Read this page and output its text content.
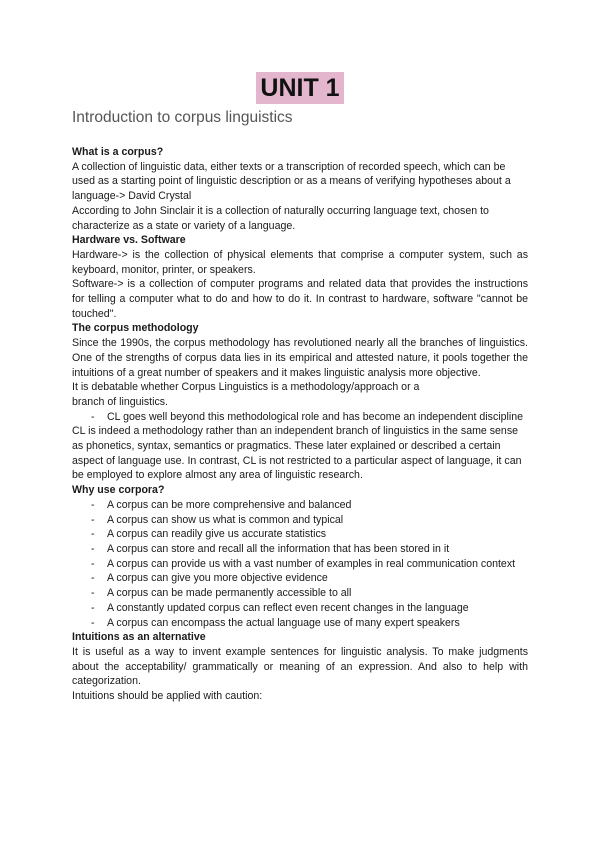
UNIT 1
Introduction to corpus linguistics

What is a corpus?

A collection of linguistic data, either texts or a transcription of recorded speech, which can be used as a starting point of linguistic description or as a means of verifying hypotheses about a language-> David Crystal

According to John Sinclair it is a collection of naturally occurring language text, chosen to characterize as a state or variety of a language.

Hardware vs. Software

Hardware-> is the collection of physical elements that comprise a computer system, such as keyboard, monitor, printer, or speakers.

Software-> is a collection of computer programs and related data that provides the instructions for telling a computer what to do and how to do it. In contrast to hardware, software "cannot be touched".

The corpus methodology

Since the 1990s, the corpus methodology has revolutioned nearly all the branches of linguistics. One of the strengths of corpus data lies in its empirical and attested nature, it pools together the intuitions of a great number of speakers and it makes linguistic analysis more objective.

It is debatable whether Corpus Linguistics is a methodology/approach or a

branch of linguistics.

- CL goes well beyond this methodological role and has become an independent discipline

CL is indeed a methodology rather than an independent branch of linguistics in the same sense as phonetics, syntax, semantics or pragmatics. These later explained or described a certain aspect of language use. In contrast, CL is not restricted to a particular aspect of language, it can be employed to explore almost any area of linguistic research.

Why use corpora?

- A corpus can be more comprehensive and balanced
- A corpus can show us what is common and typical
- A corpus can readily give us accurate statistics
- A corpus can store and recall all the information that has been stored in it
- A corpus can provide us with a vast number of examples in real communication context
- A corpus can give you more objective evidence
- A corpus can be made permanently accessible to all
- A constantly updated corpus can reflect even recent changes in the language
- A corpus can encompass the actual language use of many expert speakers

Intuitions as an alternative

It is useful as a way to invent example sentences for linguistic analysis. To make judgments about the acceptability/ grammatically or meaning of an expression. And also to help with categorization.

Intuitions should be applied with caution:
